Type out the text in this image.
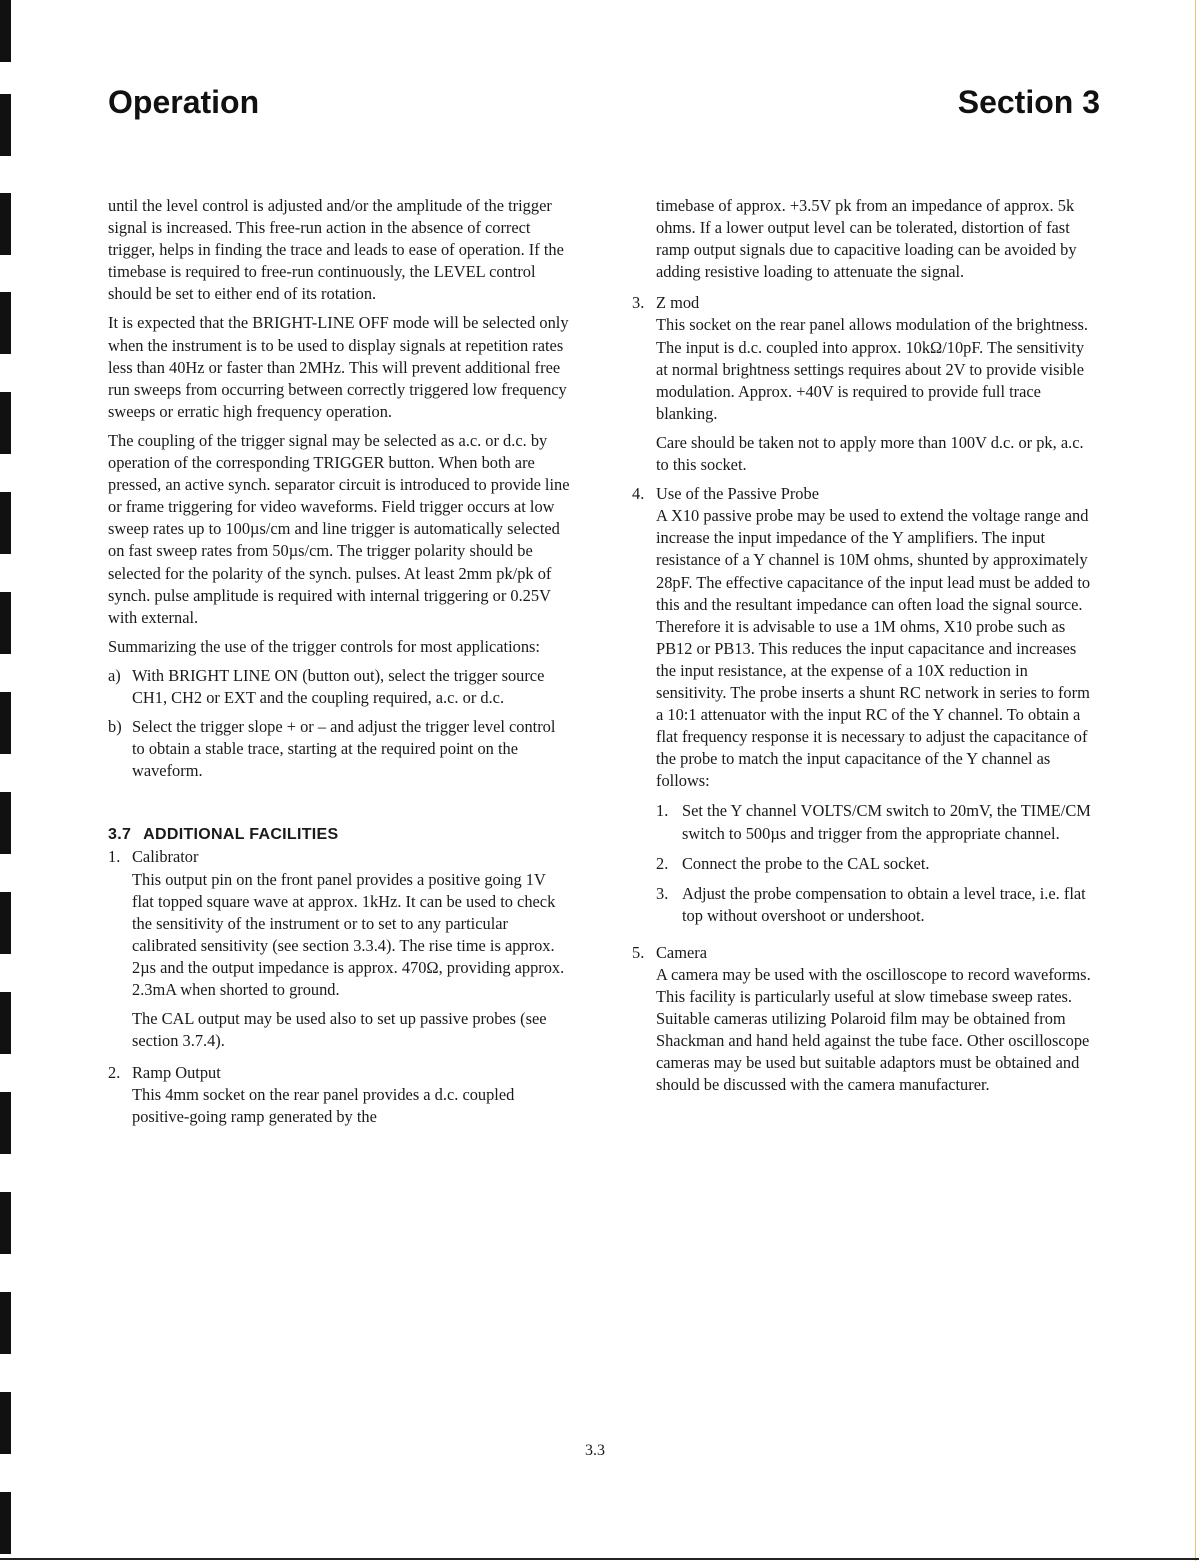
Operation	Section 3

until the level control is adjusted and/or the amplitude of the trigger signal is increased. This free-run action in the absence of correct trigger, helps in finding the trace and leads to ease of operation. If the timebase is required to free-run continuously, the LEVEL control should be set to either end of its rotation.

It is expected that the BRIGHT-LINE OFF mode will be selected only when the instrument is to be used to display signals at repetition rates less than 40Hz or faster than 2MHz. This will prevent additional free run sweeps from occurring between correctly triggered low frequency sweeps or erratic high frequency operation.

The coupling of the trigger signal may be selected as a.c. or d.c. by operation of the corresponding TRIGGER button. When both are pressed, an active synch. separator circuit is introduced to provide line or frame triggering for video waveforms. Field trigger occurs at low sweep rates up to 100µs/cm and line trigger is automatically selected on fast sweep rates from 50µs/cm. The trigger polarity should be selected for the polarity of the synch. pulses. At least 2mm pk/pk of synch. pulse amplitude is required with internal triggering or 0.25V with external.

Summarizing the use of the trigger controls for most applications:

a) With BRIGHT LINE ON (button out), select the trigger source CH1, CH2 or EXT and the coupling required, a.c. or d.c.

b) Select the trigger slope + or – and adjust the trigger level control to obtain a stable trace, starting at the required point on the waveform.

3.7 ADDITIONAL FACILITIES
1. Calibrator

This output pin on the front panel provides a positive going 1V flat topped square wave at approx. 1kHz. It can be used to check the sensitivity of the instrument or to set to any particular calibrated sensitivity (see section 3.3.4). The rise time is approx. 2µs and the output impedance is approx. 470Ω, providing approx. 2.3mA when shorted to ground.

The CAL output may be used also to set up passive probes (see section 3.7.4).

2. Ramp Output

This 4mm socket on the rear panel provides a d.c. coupled positive-going ramp generated by the

timebase of approx. +3.5V pk from an impedance of approx. 5k ohms. If a lower output level can be tolerated, distortion of fast ramp output signals due to capacitive loading can be avoided by adding resistive loading to attenuate the signal.

3. Z mod

This socket on the rear panel allows modulation of the brightness. The input is d.c. coupled into approx. 10kΩ/10pF. The sensitivity at normal brightness settings requires about 2V to provide visible modulation. Approx. +40V is required to provide full trace blanking.

Care should be taken not to apply more than 100V d.c. or pk, a.c. to this socket.

4. Use of the Passive Probe

A X10 passive probe may be used to extend the voltage range and increase the input impedance of the Y amplifiers. The input resistance of a Y channel is 10M ohms, shunted by approximately 28pF. The effective capacitance of the input lead must be added to this and the resultant impedance can often load the signal source. Therefore it is advisable to use a 1M ohms, X10 probe such as PB12 or PB13. This reduces the input capacitance and increases the input resistance, at the expense of a 10X reduction in sensitivity. The probe inserts a shunt RC network in series to form a 10:1 attenuator with the input RC of the Y channel. To obtain a flat frequency response it is necessary to adjust the capacitance of the probe to match the input capacitance of the Y channel as follows:

1. Set the Y channel VOLTS/CM switch to 20mV, the TIME/CM switch to 500µs and trigger from the appropriate channel.
2. Connect the probe to the CAL socket.
3. Adjust the probe compensation to obtain a level trace, i.e. flat top without overshoot or undershoot.
5. Camera

A camera may be used with the oscilloscope to record waveforms. This facility is particularly useful at slow timebase sweep rates. Suitable cameras utilizing Polaroid film may be obtained from Shackman and hand held against the tube face. Other oscilloscope cameras may be used but suitable adaptors must be obtained and should be discussed with the camera manufacturer.

3.3
